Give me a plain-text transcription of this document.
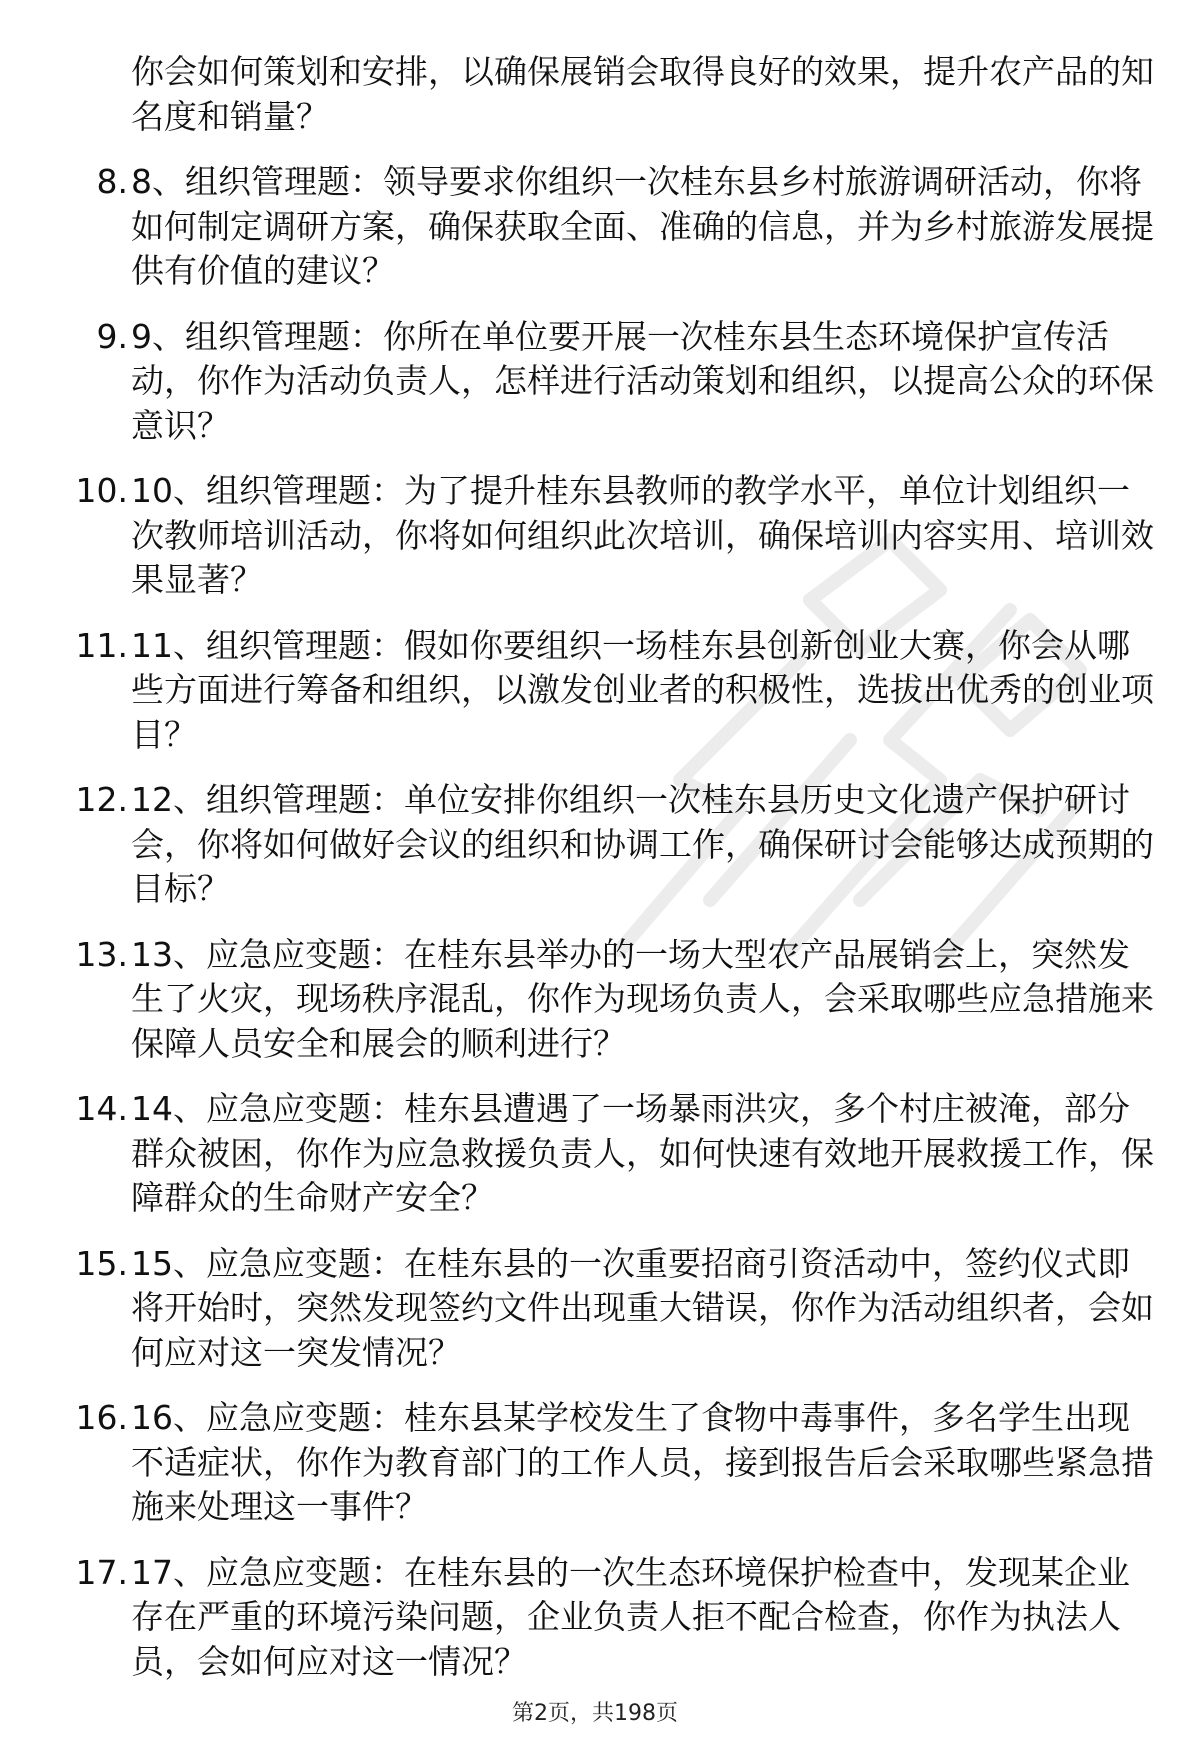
你会如何策划和安排，以确保展销会取得良好的效果，提升农产品的知名度和销量？
8. 8、组织管理题：领导要求你组织一次桂东县乡村旅游调研活动，你将如何制定调研方案，确保获取全面、准确的信息，并为乡村旅游发展提供有价值的建议？
9. 9、组织管理题：你所在单位要开展一次桂东县生态环境保护宣传活动，你作为活动负责人，怎样进行活动策划和组织，以提高公众的环保意识？
10. 10、组织管理题：为了提升桂东县教师的教学水平，单位计划组织一次教师培训活动，你将如何组织此次培训，确保培训内容实用、培训效果显著？
11. 11、组织管理题：假如你要组织一场桂东县创新创业大赛，你会从哪些方面进行筹备和组织，以激发创业者的积极性，选拔出优秀的创业项目？
12. 12、组织管理题：单位安排你组织一次桂东县历史文化遗产保护研讨会，你将如何做好会议的组织和协调工作，确保研讨会能够达成预期的目标？
13. 13、应急应变题：在桂东县举办的一场大型农产品展销会上，突然发生了火灾，现场秩序混乱，你作为现场负责人，会采取哪些应急措施来保障人员安全和展会的顺利进行？
14. 14、应急应变题：桂东县遭遇了一场暴雨洪灾，多个村庄被淹，部分群众被困，你作为应急救援负责人，如何快速有效地开展救援工作，保障群众的生命财产安全？
15. 15、应急应变题：在桂东县的一次重要招商引资活动中，签约仪式即将开始时，突然发现签约文件出现重大错误，你作为活动组织者，会如何应对这一突发情况？
16. 16、应急应变题：桂东县某学校发生了食物中毒事件，多名学生出现不适症状，你作为教育部门的工作人员，接到报告后会采取哪些紧急措施来处理这一事件？
17. 17、应急应变题：在桂东县的一次生态环境保护检查中，发现某企业存在严重的环境污染问题，企业负责人拒不配合检查，你作为执法人员，会如何应对这一情况？
第2页，共198页
